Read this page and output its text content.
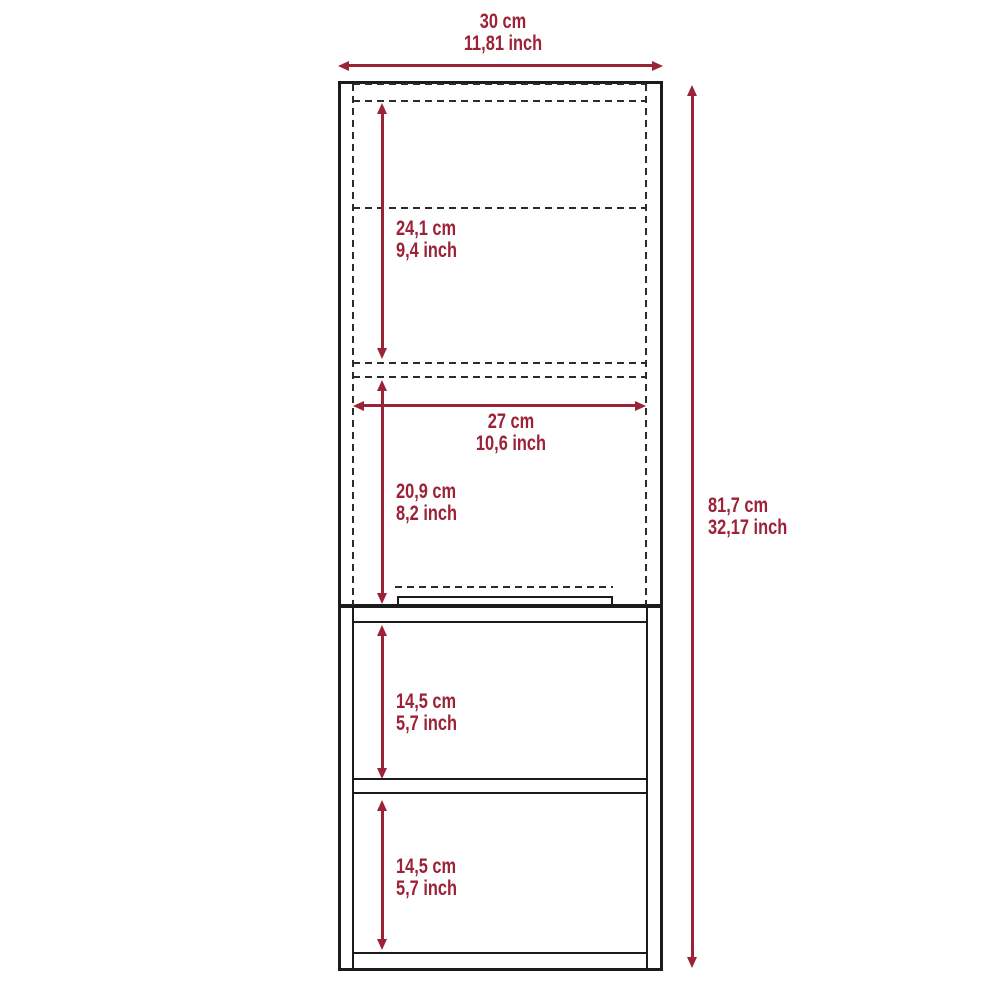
30 cm
11,81 inch
81,7 cm
32,17 inch
24,1 cm
9,4 inch
27 cm
10,6 inch
20,9 cm
8,2 inch
14,5 cm
5,7 inch
14,5 cm
5,7 inch
